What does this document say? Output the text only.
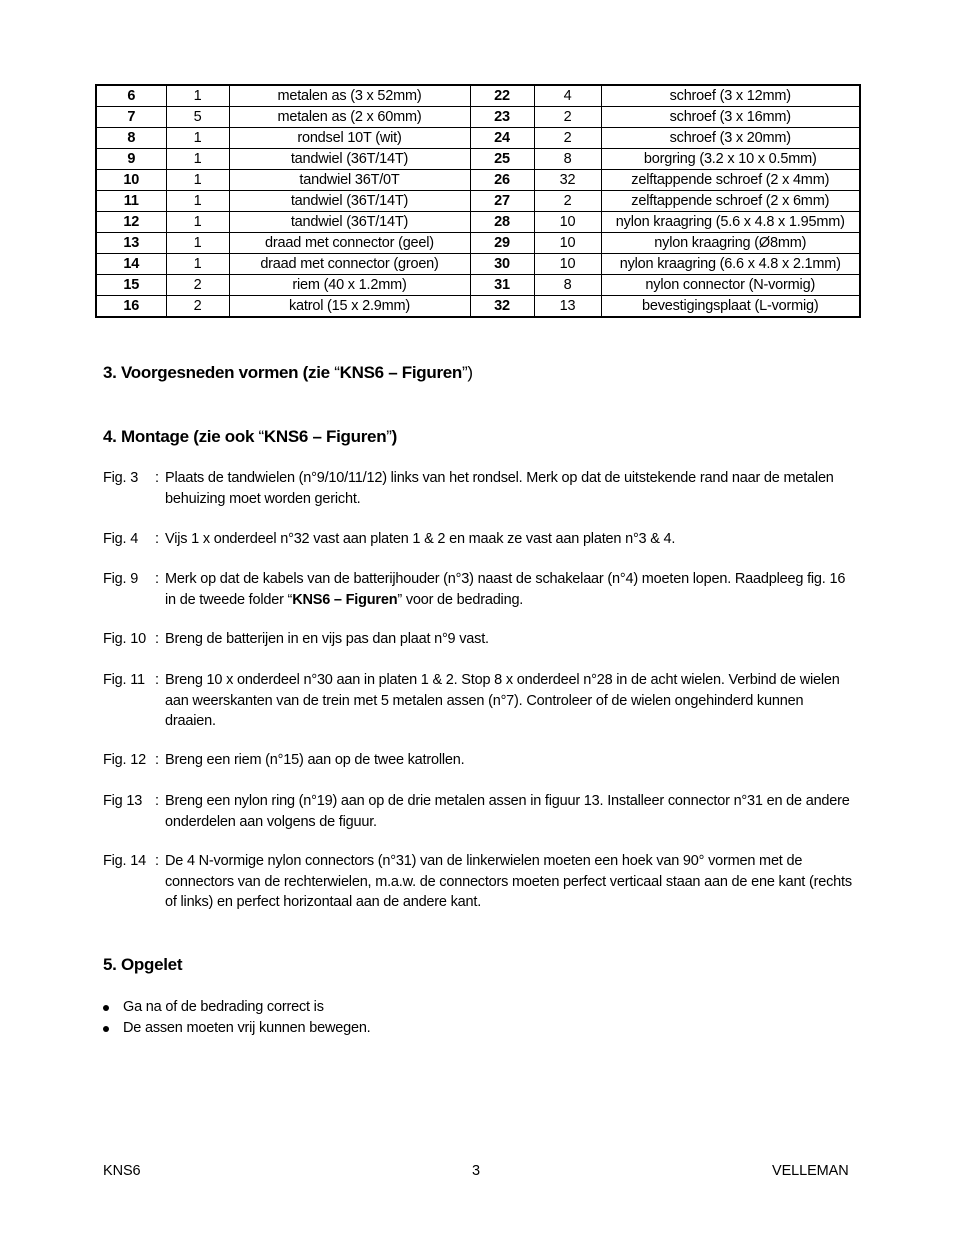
6	1	metalen as (3 x 52mm)	22	4	schroef (3 x 12mm)
7	5	metalen as (2 x 60mm)	23	2	schroef (3 x 16mm)
8	1	rondsel 10T (wit)	24	2	schroef (3 x 20mm)
9	1	tandwiel (36T/14T)	25	8	borgring (3.2 x 10 x 0.5mm)
10	1	tandwiel 36T/0T	26	32	zelftappende schroef (2 x 4mm)
11	1	tandwiel (36T/14T)	27	2	zelftappende schroef (2 x 6mm)
12	1	tandwiel (36T/14T)	28	10	nylon kraagring (5.6 x 4.8 x 1.95mm)
13	1	draad met connector (geel)	29	10	nylon kraagring (Ø8mm)
14	1	draad met connector (groen)	30	10	nylon kraagring (6.6 x 4.8 x 2.1mm)
15	2	riem (40 x 1.2mm)	31	8	nylon connector (N-vormig)
16	2	katrol (15 x 2.9mm)	32	13	bevestigingsplaat (L-vormig)
3. Voorgesneden vormen (zie “KNS6 – Figuren”)
4. Montage (zie ook “KNS6 – Figuren”)
Fig. 3	: Plaats de tandwielen (n°9/10/11/12) links van het rondsel. Merk op dat de uitstekende rand naar de metalen behuizing moet worden gericht.
Fig. 4	: Vijs 1 x onderdeel n°32 vast aan platen 1 & 2 en maak ze vast aan platen n°3 & 4.
Fig. 9	: Merk op dat de kabels van de batterijhouder (n°3) naast de schakelaar (n°4) moeten lopen. Raadpleeg fig. 16 in de tweede folder “KNS6 – Figuren” voor de bedrading.
Fig. 10 : Breng de batterijen in en vijs pas dan plaat n°9 vast.
Fig. 11 : Breng 10 x onderdeel n°30 aan in platen 1 & 2. Stop 8 x onderdeel n°28 in de acht wielen. Verbind de wielen aan weerskanten van de trein met 5 metalen assen (n°7). Controleer of de wielen ongehinderd kunnen draaien.
Fig. 12 : Breng een riem (n°15) aan op de twee katrollen.
Fig 13 : Breng een nylon ring (n°19) aan op de drie metalen assen in figuur 13. Installeer connector n°31 en de andere onderdelen aan volgens de figuur.
Fig. 14 : De 4 N-vormige nylon connectors (n°31) van de linkerwielen moeten een hoek van 90° vormen met de connectors van de rechterwielen, m.a.w. de connectors moeten perfect verticaal staan aan de ene kant (rechts of links) en perfect horizontaal aan de andere kant.
5. Opgelet
Ga na of de bedrading correct is
De assen moeten vrij kunnen bewegen.
KNS6	3	VELLEMAN
